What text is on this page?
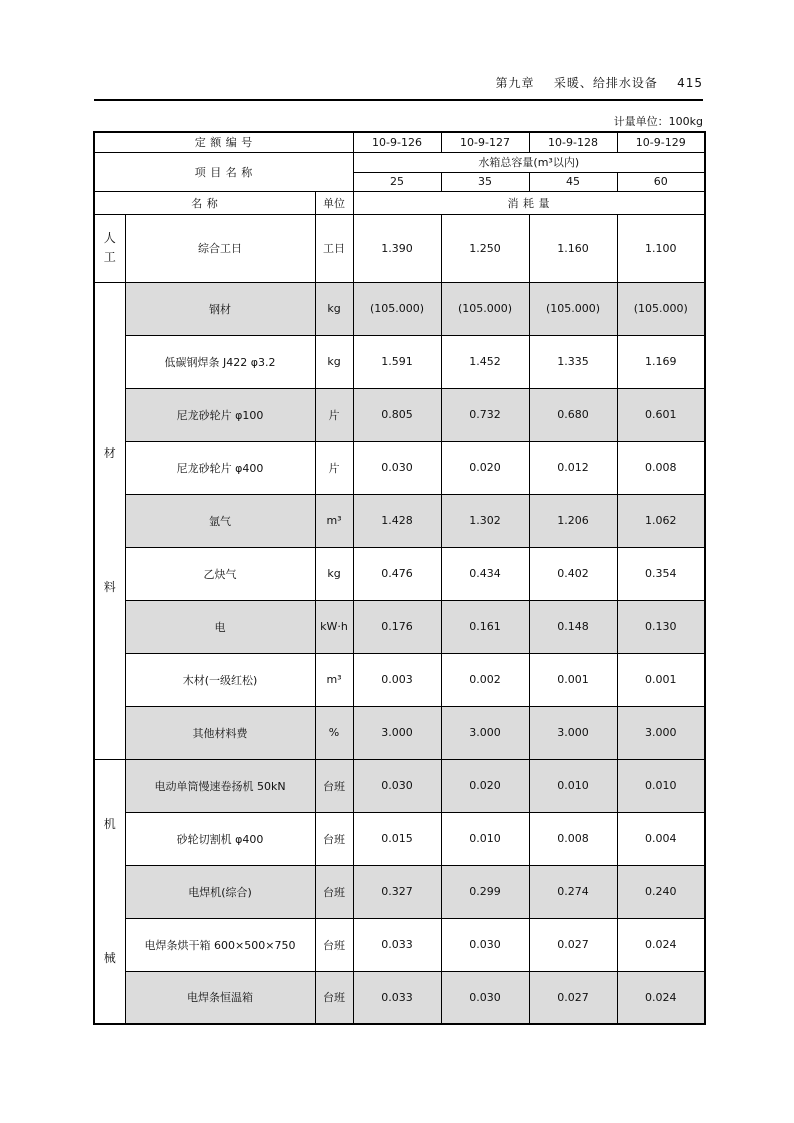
第九章 采暖、给排水设备 415
计量单位：100kg
定 额 编 号			10-9-126	10-9-127	10-9-128	10-9-129
项 目 名 称			水箱总容量(m³以内)			
			25	35	45	60
名 称		单位	消 耗 量			
人
工	综合工日	工日	1.390	1.250	1.160	1.100
材

料	钢材	kg	(105.000)	(105.000)	(105.000)	(105.000)
	低碳钢焊条 J422 φ3.2	kg	1.591	1.452	1.335	1.169
	尼龙砂轮片 φ100	片	0.805	0.732	0.680	0.601
	尼龙砂轮片 φ400	片	0.030	0.020	0.012	0.008
	氩气	m³	1.428	1.302	1.206	1.062
	乙炔气	kg	0.476	0.434	0.402	0.354
	电	kW·h	0.176	0.161	0.148	0.130
	木材(一级红松)	m³	0.003	0.002	0.001	0.001
	其他材料费	%	3.000	3.000	3.000	3.000
机

械	电动单筒慢速卷扬机 50kN	台班	0.030	0.020	0.010	0.010
	砂轮切割机 φ400	台班	0.015	0.010	0.008	0.004
	电焊机(综合)	台班	0.327	0.299	0.274	0.240
	电焊条烘干箱 600×500×750	台班	0.033	0.030	0.027	0.024
	电焊条恒温箱	台班	0.033	0.030	0.027	0.024
